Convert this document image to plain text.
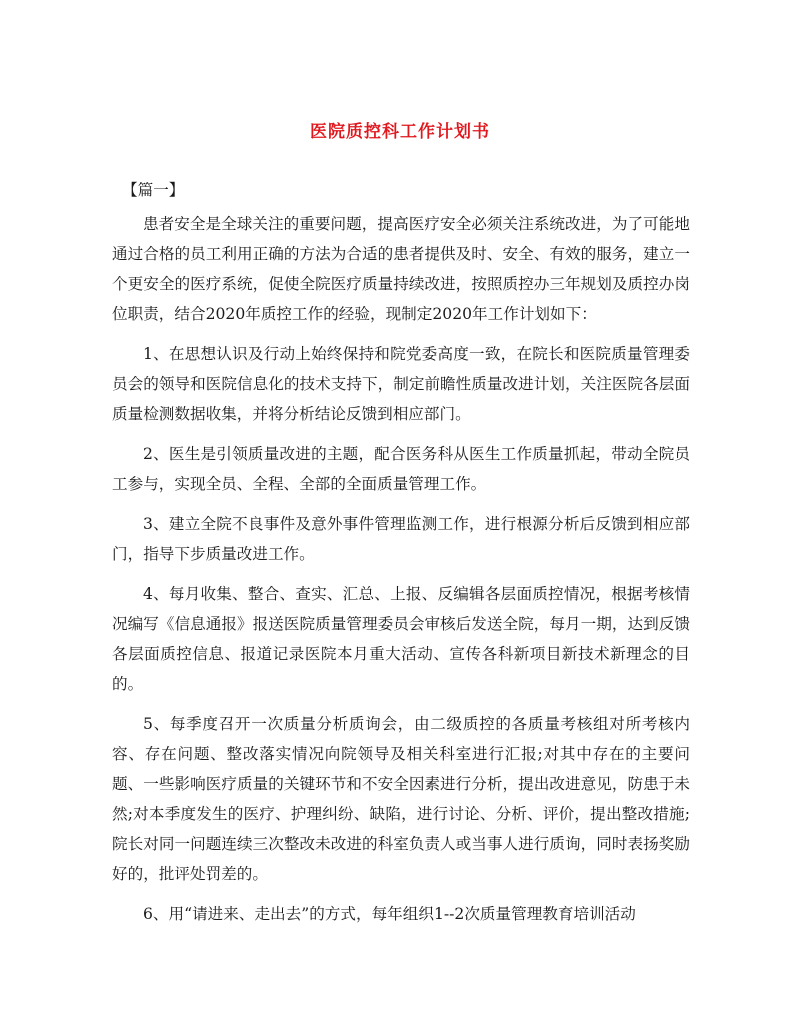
医院质控科工作计划书
【篇一】

患者安全是全球关注的重要问题，提高医疗安全必须关注系统改进，为了可能地通过合格的员工利用正确的方法为合适的患者提供及时、安全、有效的服务，建立一个更安全的医疗系统，促使全院医疗质量持续改进，按照质控办三年规划及质控办岗位职责，结合2020年质控工作的经验，现制定2020年工作计划如下：

1、在思想认识及行动上始终保持和院党委高度一致，在院长和医院质量管理委员会的领导和医院信息化的技术支持下，制定前瞻性质量改进计划，关注医院各层面质量检测数据收集，并将分析结论反馈到相应部门。

2、医生是引领质量改进的主题，配合医务科从医生工作质量抓起，带动全院员工参与，实现全员、全程、全部的全面质量管理工作。

3、建立全院不良事件及意外事件管理监测工作，进行根源分析后反馈到相应部门，指导下步质量改进工作。

4、每月收集、整合、查实、汇总、上报、反编辑各层面质控情况，根据考核情况编写《信息通报》报送医院质量管理委员会审核后发送全院，每月一期，达到反馈各层面质控信息、报道记录医院本月重大活动、宣传各科新项目新技术新理念的目的。

5、每季度召开一次质量分析质询会，由二级质控的各质量考核组对所考核内容、存在问题、整改落实情况向院领导及相关科室进行汇报;对其中存在的主要问题、一些影响医疗质量的关键环节和不安全因素进行分析，提出改进意见，防患于未然;对本季度发生的医疗、护理纠纷、缺陷，进行讨论、分析、评价，提出整改措施;院长对同一问题连续三次整改未改进的科室负责人或当事人进行质询，同时表扬奖励好的，批评处罚差的。

6、用“请进来、走出去”的方式，每年组织1--2次质量管理教育培训活动
